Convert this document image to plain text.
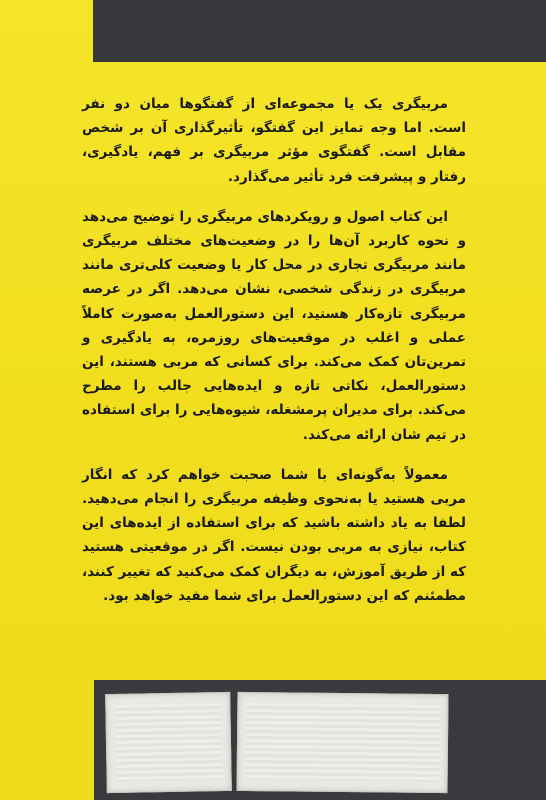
مربیگری یک یا مجموعه‌ای از گفتگوها میان دو نفر است. اما وجه تمایز این گفتگو، تأثیرگذاری آن بر شخص مقابل است. گفتگوی مؤثر مربیگری بر فهم، یادگیری، رفتار و پیشرفت فرد تأثیر می‌گذارد.

این کتاب اصول و رویکردهای مربیگری را توضیح می‌دهد و نحوه کاربرد آن‌ها را در وضعیت‌های مختلف مربیگری مانند مربیگری تجاری در محل کار یا وضعیت کلی‌تری مانند مربیگری در زندگی شخصی، نشان می‌دهد. اگر در عرصه مربیگری تازه‌کار هستید، این دستورالعمل به‌صورت کاملاً عملی و اغلب در موقعیت‌های روزمره، به یادگیری و تمرین‌تان کمک می‌کند. برای کسانی که مربی هستند، این دستورالعمل، نکاتی تازه و ایده‌هایی جالب را مطرح می‌کند. برای مدیران پرمشغله، شیوه‌هایی را برای استفاده در تیم شان ارائه می‌کند.

معمولاً به‌گونه‌ای با شما صحبت خواهم کرد که انگار مربی هستید یا به‌نحوی وظیفه مربیگری را انجام می‌دهید. لطفا به یاد داشته باشید که برای استفاده از ایده‌های این کتاب، نیازی به مربی بودن نیست. اگر در موقعیتی هستید که از طریق آموزش، به دیگران کمک می‌کنید که تغییر کنند، مطمئنم که این دستورالعمل برای شما مفید خواهد بود.
